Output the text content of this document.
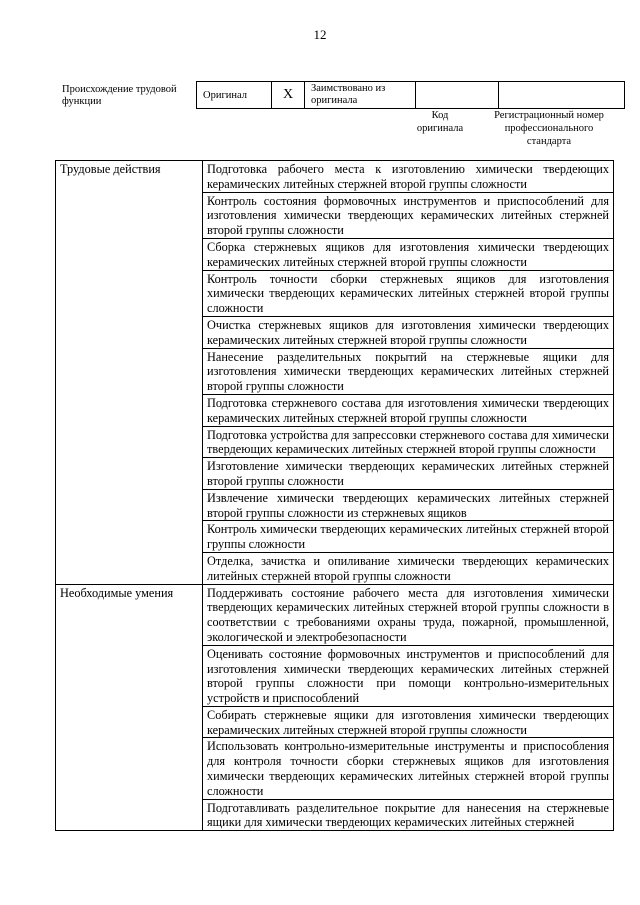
12
Происхождение трудовой функции
Оригинал	X	Заимствовано из оригинала		
Код оригинала
Регистрационный номер профессионального стандарта
Трудовые действия	Подготовка рабочего места к изготовлению химически твердеющих керамических литейных стержней второй группы сложности
	Контроль состояния формовочных инструментов и приспособлений для изготовления химически твердеющих керамических литейных стержней второй группы сложности
	Сборка стержневых ящиков для изготовления химически твердеющих керамических литейных стержней второй группы сложности
	Контроль точности сборки стержневых ящиков для изготовления химически твердеющих керамических литейных стержней второй группы сложности
	Очистка стержневых ящиков для изготовления химически твердеющих керамических литейных стержней второй группы сложности
	Нанесение разделительных покрытий на стержневые ящики для изготовления химически твердеющих керамических литейных стержней второй группы сложности
	Подготовка стержневого состава для изготовления химически твердеющих керамических литейных стержней второй группы сложности
	Подготовка устройства для запрессовки стержневого состава для химически твердеющих керамических литейных стержней второй группы сложности
	Изготовление химически твердеющих керамических литейных стержней второй группы сложности
	Извлечение химически твердеющих керамических литейных стержней второй группы сложности из стержневых ящиков
	Контроль химически твердеющих керамических литейных стержней второй группы сложности
	Отделка, зачистка и опиливание химически твердеющих керамических литейных стержней второй группы сложности
Необходимые умения	Поддерживать состояние рабочего места для изготовления химически твердеющих керамических литейных стержней второй группы сложности в соответствии с требованиями охраны труда, пожарной, промышленной, экологической и электробезопасности
	Оценивать состояние формовочных инструментов и приспособлений для изготовления химически твердеющих керамических литейных стержней второй группы сложности при помощи контрольно-измерительных устройств и приспособлений
	Собирать стержневые ящики для изготовления химически твердеющих керамических литейных стержней второй группы сложности
	Использовать контрольно-измерительные инструменты и приспособления для контроля точности сборки стержневых ящиков для изготовления химически твердеющих керамических литейных стержней второй группы сложности
	Подготавливать разделительное покрытие для нанесения на стержневые ящики для химически твердеющих керамических литейных стержней
